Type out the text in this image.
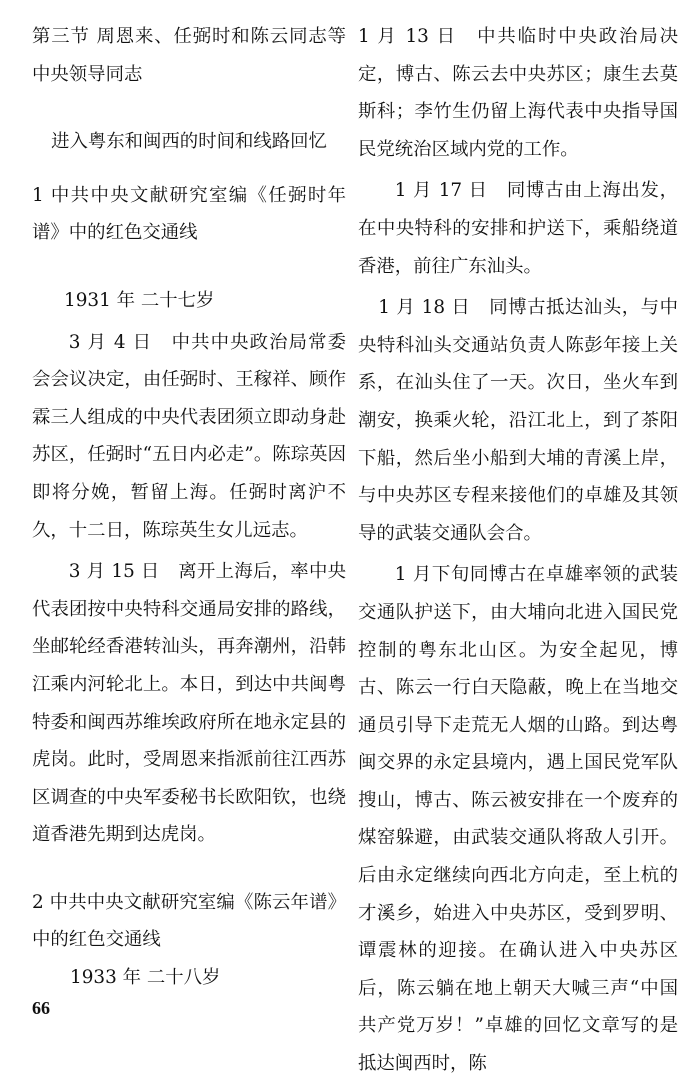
第三节 周恩来、任弼时和陈云同志等中央领导同志

进入粤东和闽西的时间和线路回忆

1 中共中央文献研究室编《任弼时年谱》中的红色交通线

1931 年 二十七岁

3 月 4 日　中共中央政治局常委会会议决定，由任弼时、王稼祥、顾作霖三人组成的中央代表团须立即动身赴苏区，任弼时“五日内必走”。陈琮英因即将分娩，暂留上海。任弼时离沪不久，十二日，陈琮英生女儿远志。

3 月 15 日　离开上海后，率中央代表团按中央特科交通局安排的路线，坐邮轮经香港转汕头，再奔潮州，沿韩江乘内河轮北上。本日，到达中共闽粤特委和闽西苏维埃政府所在地永定县的虎岗。此时，受周恩来指派前往江西苏区调查的中央军委秘书长欧阳钦，也绕道香港先期到达虎岗。

2 中共中央文献研究室编《陈云年谱》中的红色交通线

1933 年 二十八岁

1 月 13 日　中共临时中央政治局决定，博古、陈云去中央苏区；康生去莫斯科；李竹生仍留上海代表中央指导国民党统治区域内党的工作。

1 月 17 日　同博古由上海出发，在中央特科的安排和护送下，乘船绕道香港，前往广东汕头。

1 月 18 日　同博古抵达汕头，与中央特科汕头交通站负责人陈彭年接上关系，在汕头住了一天。次日，坐火车到潮安，换乘火轮，沿江北上，到了茶阳下船，然后坐小船到大埔的青溪上岸，与中央苏区专程来接他们的卓雄及其领导的武装交通队会合。

1 月下旬同博古在卓雄率领的武装交通队护送下，由大埔向北进入国民党控制的粤东北山区。为安全起见，博古、陈云一行白天隐蔽，晚上在当地交通员引导下走荒无人烟的山路。到达粤闽交界的永定县境内，遇上国民党军队搜山，博古、陈云被安排在一个废弃的煤窑躲避，由武装交通队将敌人引开。后由永定继续向西北方向走，至上杭的才溪乡，始进入中央苏区，受到罗明、谭震林的迎接。在确认进入中央苏区后，陈云躺在地上朝天大喊三声“中国共产党万岁！”卓雄的回忆文章写的是抵达闽西时，陈

66
